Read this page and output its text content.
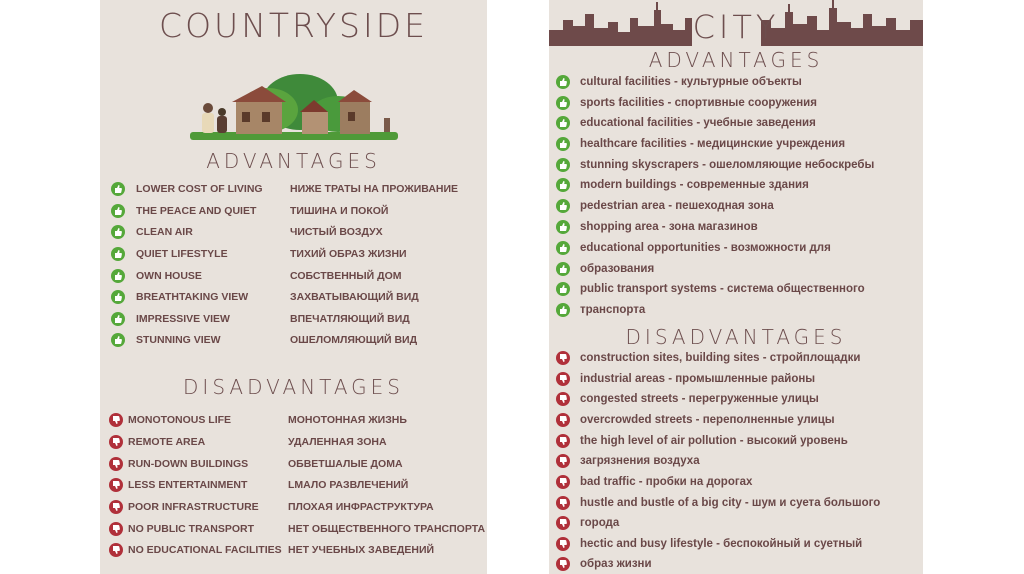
COUNTRYSIDE
ADVANTAGES
LOWER COST OF LIVING	НИЖЕ ТРАТЫ НА ПРОЖИВАНИЕ
THE PEACE AND QUIET	ТИШИНА И ПОКОЙ
CLEAN AIR	ЧИСТЫЙ ВОЗДУХ
QUIET LIFESTYLE	ТИХИЙ ОБРАЗ ЖИЗНИ
OWN HOUSE	СОБСТВЕННЫЙ ДОМ
BREATHTAKING VIEW	ЗАХВАТЫВАЮЩИЙ ВИД
IMPRESSIVE VIEW	ВПЕЧАТЛЯЮЩИЙ ВИД
STUNNING VIEW	ОШЕЛОМЛЯЮЩИЙ ВИД
DISADVANTAGES
MONOTONOUS LIFE	МОНОТОННАЯ ЖИЗНЬ
REMOTE AREA	УДАЛЕННАЯ ЗОНА
RUN-DOWN BUILDINGS	ОБВЕТШАЛЫЕ ДОМА
LESS ENTERTAINMENT	LМАЛО РАЗВЛЕЧЕНИЙ
POOR INFRASTRUCTURE	ПЛОХАЯ ИНФРАСТРУКТУРА
NO PUBLIC TRANSPORT	НЕТ ОБЩЕСТВЕННОГО ТРАНСПОРТА
NO EDUCATIONAL FACILITIES НЕТ УЧЕБНЫХ ЗАВЕДЕНИЙ
CITY
ADVANTAGES
cultural facilities - культурные объекты
sports facilities - спортивные сооружения
educational facilities - учебные заведения
healthcare facilities - медицинские учреждения
stunning skyscrapers - ошеломляющие небоскребы
modern buildings - современные здания
pedestrian area - пешеходная зона
shopping area - зона магазинов
educational opportunities - возможности для
образования
public transport systems - система общественного
транспорта
DISADVANTAGES
construction sites, building sites - стройплощадки
industrial areas - промышленные районы
congested streets - перегруженные улицы
overcrowded streets - переполненные улицы
the high level of air pollution - высокий уровень
загрязнения воздуха
bad traffic - пробки на дорогах
hustle and bustle of a big city - шум и суета большого
города
hectic and busy lifestyle - беспокойный и суетный
образ жизни
